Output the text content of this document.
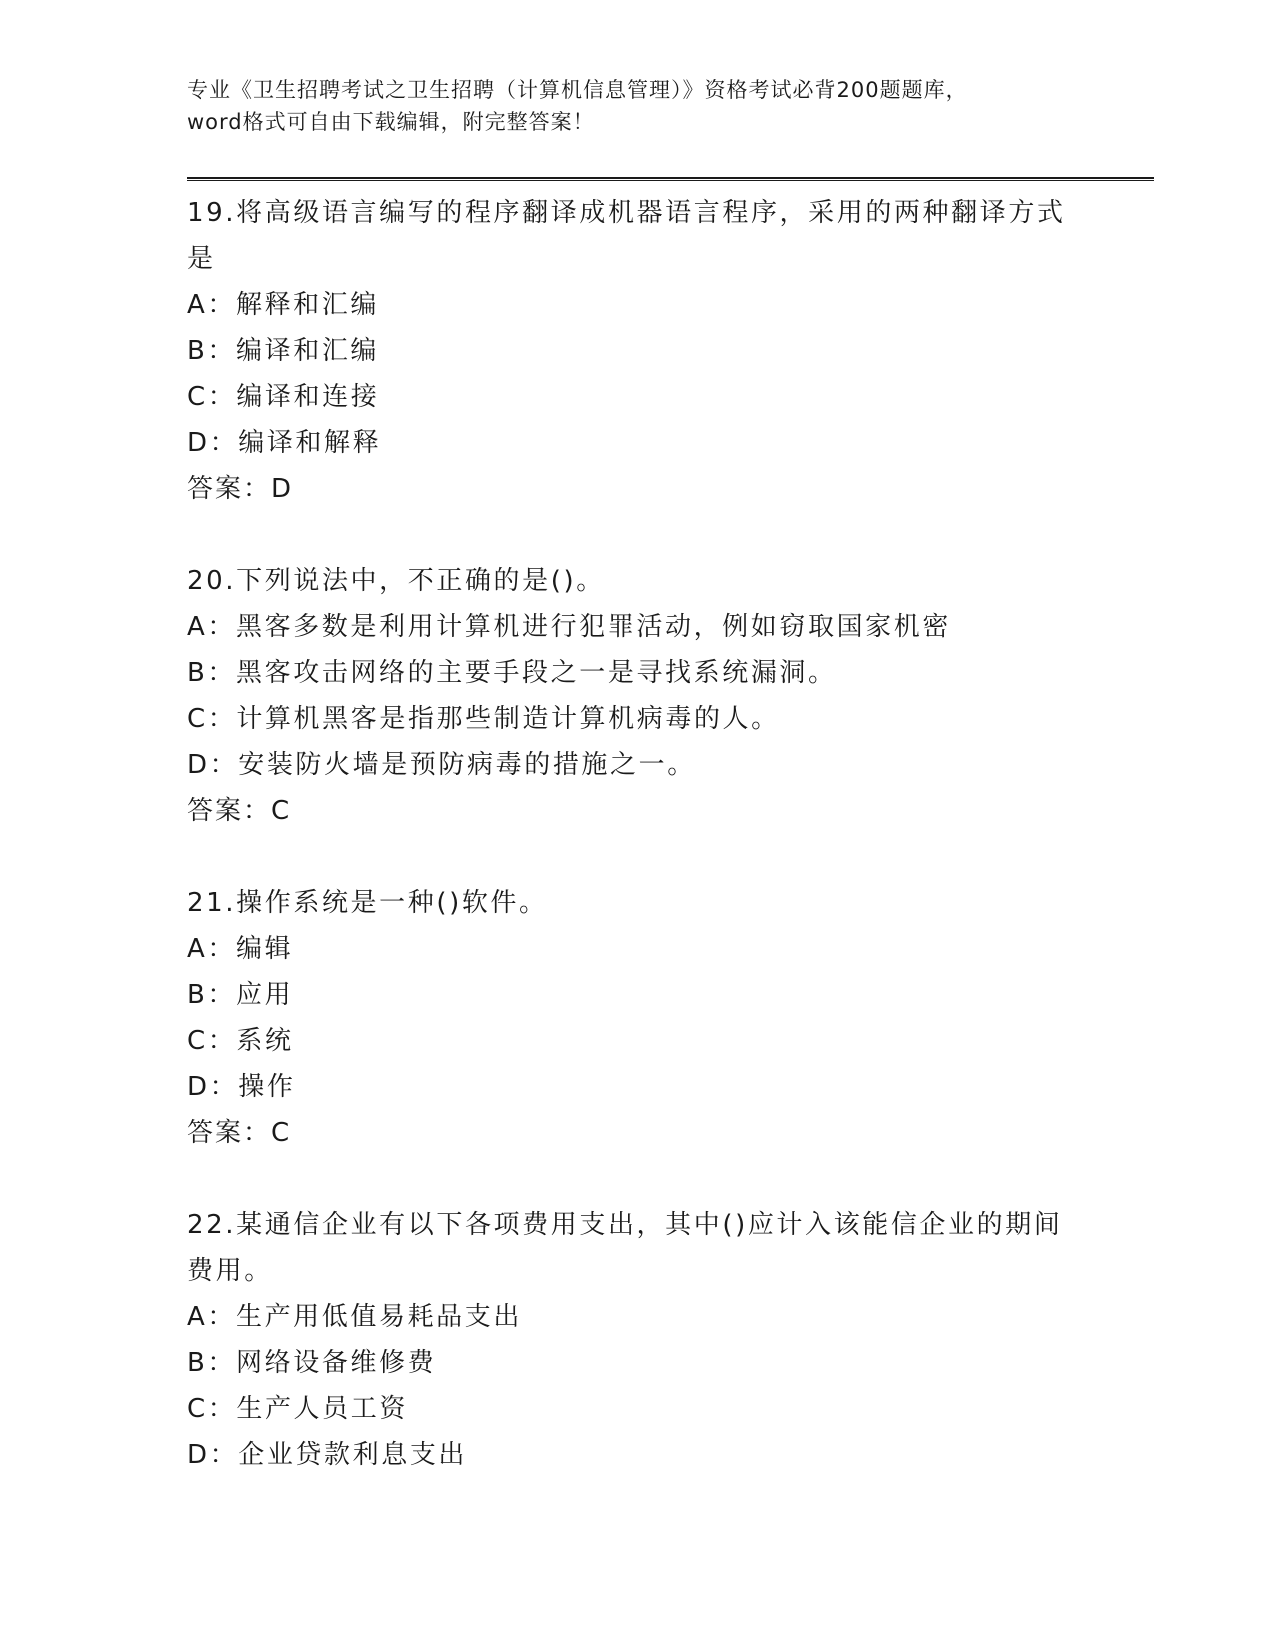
专业《卫生招聘考试之卫生招聘（计算机信息管理）》资格考试必背200题题库，
word格式可自由下载编辑，附完整答案！
19.将高级语言编写的程序翻译成机器语言程序，采用的两种翻译方式
是
A：解释和汇编
B：编译和汇编
C：编译和连接
D：编译和解释
答案：D
20.下列说法中，不正确的是()。
A：黑客多数是利用计算机进行犯罪活动，例如窃取国家机密
B：黑客攻击网络的主要手段之一是寻找系统漏洞。
C：计算机黑客是指那些制造计算机病毒的人。
D：安装防火墙是预防病毒的措施之一。
答案：C
21.操作系统是一种()软件。
A：编辑
B：应用
C：系统
D：操作
答案：C
22.某通信企业有以下各项费用支出，其中()应计入该能信企业的期间
费用。
A：生产用低值易耗品支出
B：网络设备维修费
C：生产人员工资
D：企业贷款利息支出
